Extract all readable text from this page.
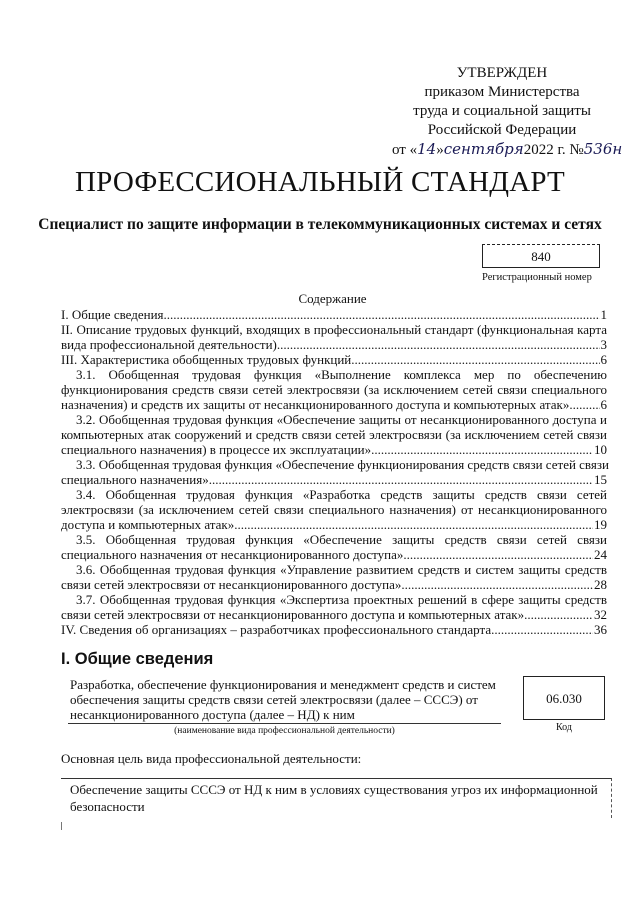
УТВЕРЖДЕН
приказом Министерства
труда и социальной защиты
Российской Федерации
от «14»сентября2022 г. №536н
ПРОФЕССИОНАЛЬНЫЙ СТАНДАРТ
Специалист по защите информации в телекоммуникационных системах и сетях
840
Регистрационный номер
Содержание
I. Общие сведения .....	1
II. Описание трудовых функций, входящих в профессиональный стандарт (функциональная карта
вида профессиональной деятельности) .....	3
III. Характеристика обобщенных трудовых функций .....	6
3.1. Обобщенная трудовая функция «Выполнение комплекса мер по обеспечению
функционирования средств связи сетей электросвязи (за исключением сетей связи специального
назначения) и средств их защиты от несанкционированного доступа и компьютерных атак» ..... 6
3.2. Обобщенная трудовая функция «Обеспечение защиты от несанкционированного доступа и
компьютерных атак сооружений и средств связи сетей электросвязи (за исключением сетей связи
специального назначения) в процессе их эксплуатации» .....	10
3.3. Обобщенная трудовая функция «Обеспечение функционирования средств связи сетей связи
специального назначения» .....	15
3.4. Обобщенная трудовая функция «Разработка средств защиты средств связи сетей
электросвязи (за исключением сетей связи специального назначения) от несанкционированного
доступа и компьютерных атак» .....	19
3.5. Обобщенная трудовая функция «Обеспечение защиты средств связи сетей связи
специального назначения от несанкционированного доступа» .....	24
3.6. Обобщенная трудовая функция «Управление развитием средств и систем защиты средств
связи сетей электросвязи от несанкционированного доступа» .....	28
3.7. Обобщенная трудовая функция «Экспертиза проектных решений в сфере защиты средств
связи сетей электросвязи от несанкционированного доступа и компьютерных атак» .....	32
IV. Сведения об организациях – разработчиках профессионального стандарта .....	36
I. Общие сведения
Разработка, обеспечение функционирования и менеджмент средств и систем
обеспечения защиты средств связи сетей электросвязи (далее – СССЭ) от
несанкционированного доступа (далее – НД) к ним
(наименование вида профессиональной деятельности)
06.030
Код
Основная цель вида профессиональной деятельности:
Обеспечение защиты СССЭ от НД к ним в условиях существования угроз их информационной
безопасности
